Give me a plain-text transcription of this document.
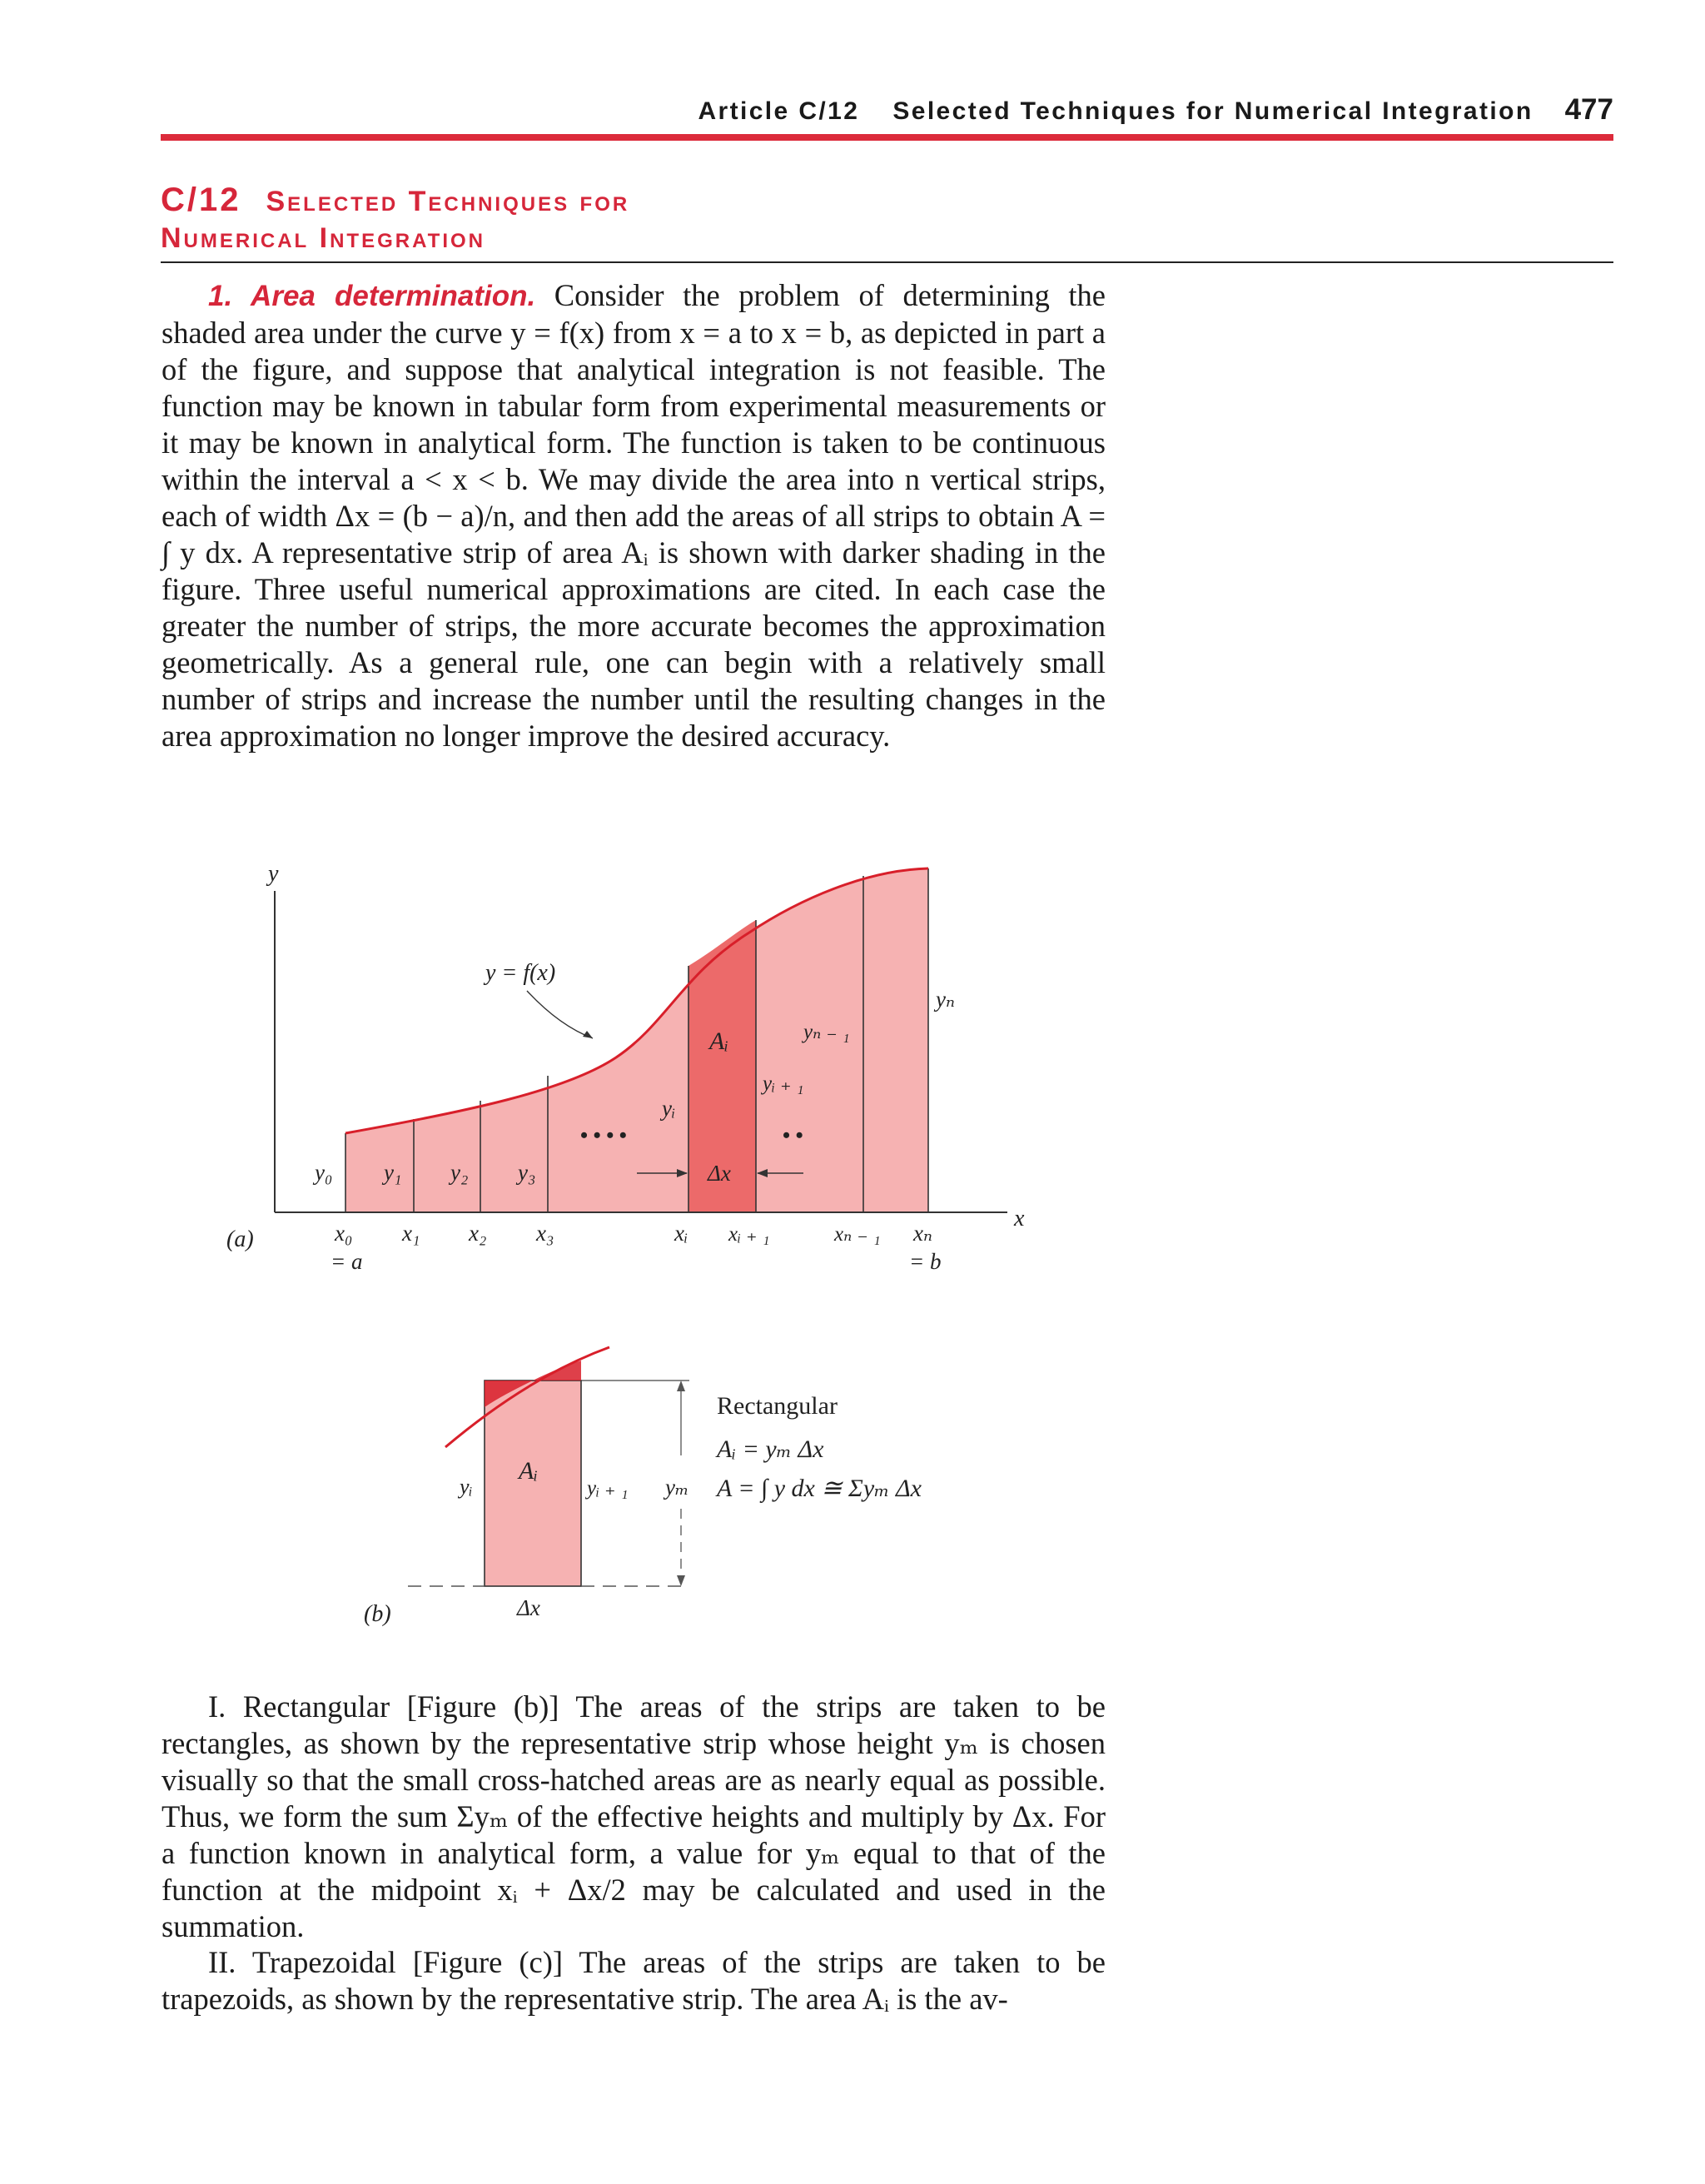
Article C/12 Selected Techniques for Numerical Integration 477
C/12 Selected Techniques for
Numerical Integration

1. Area determination. Consider the problem of determining the shaded area under the curve y = f(x) from x = a to x = b, as depicted in part a of the figure, and suppose that analytical integration is not feasible. The function may be known in tabular form from experimental measurements or it may be known in analytical form. The function is taken to be continuous within the interval a < x < b. We may divide the area into n vertical strips, each of width Δx = (b − a)/n, and then add the areas of all strips to obtain A = ∫ y dx. A representative strip of area Aᵢ is shown with darker shading in the figure. Three useful numerical approximations are cited. In each case the greater the number of strips, the more accurate becomes the approximation geometrically. As a general rule, one can begin with a relatively small number of strips and increase the number until the resulting changes in the area approximation no longer improve the desired accuracy.

y
x
(a)
y = f(x)
y₀ y₁ y₂ y₃
yᵢ
yᵢ ₊ ₁
yₙ ₋ ₁
yₙ
Aᵢ
• • • •	• •
Δx
x₀
= a
x₁ x₂ x₃	xᵢ xᵢ ₊ ₁	xₙ ₋ ₁ xₙ
= b
Aᵢ
yᵢ	yᵢ ₊ ₁ yₘ
Δx
(b)
Rectangular
Aᵢ = yₘ Δx
A = ∫ y dx ≅ Σyₘ Δx

I. Rectangular [Figure (b)] The areas of the strips are taken to be rectangles, as shown by the representative strip whose height yₘ is chosen visually so that the small cross-hatched areas are as nearly equal as possible. Thus, we form the sum Σyₘ of the effective heights and multiply by Δx. For a function known in analytical form, a value for yₘ equal to that of the function at the midpoint xᵢ + Δx/2 may be calculated and used in the summation.

II. Trapezoidal [Figure (c)] The areas of the strips are taken to be trapezoids, as shown by the representative strip. The area Aᵢ is the av-
